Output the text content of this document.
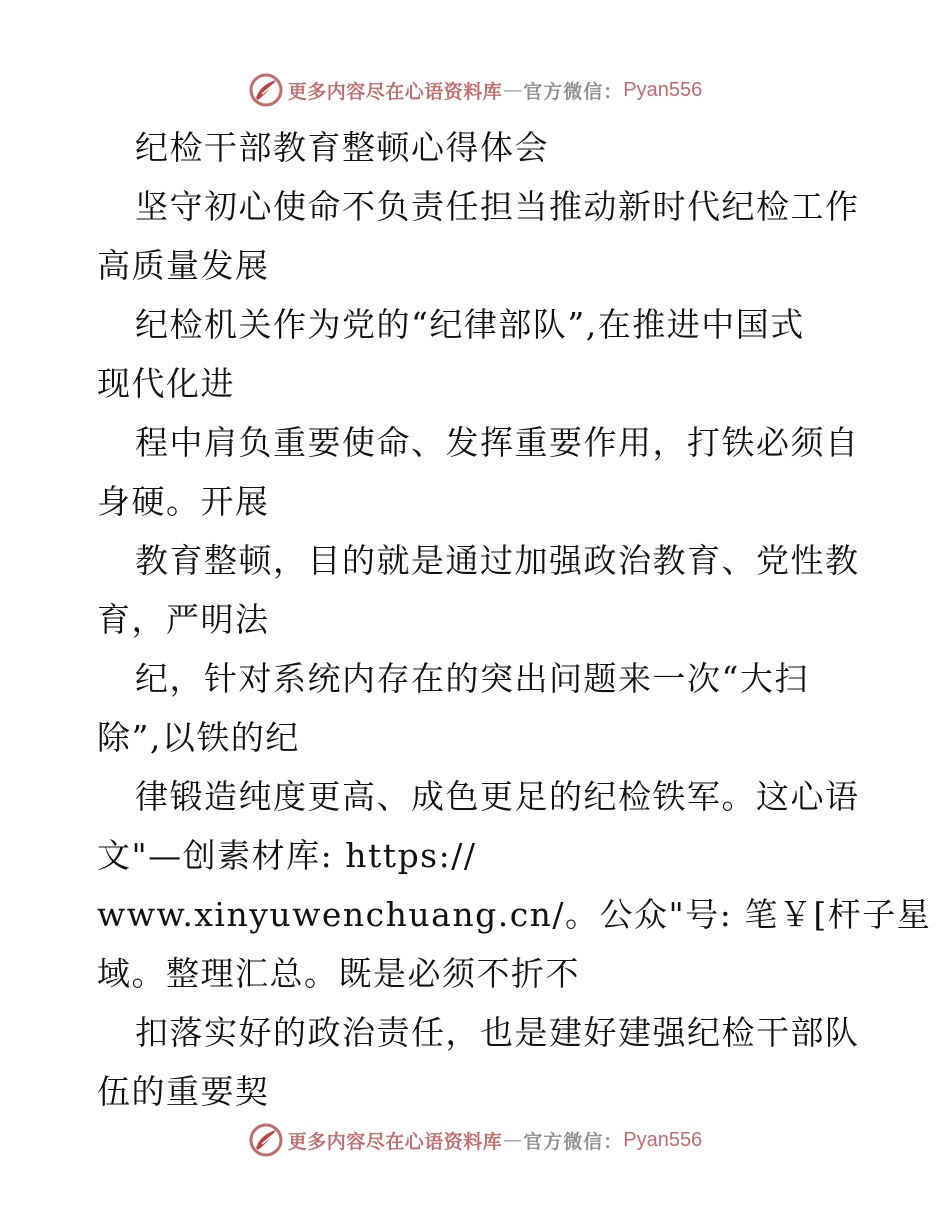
更多内容尽在心语资料库 — 官方微信： Pyan556
纪检干部教育整顿心得体会
坚守初心使命不负责任担当推动新时代纪检工作
高质量发展
纪检机关作为党的“纪律部队”,在推进中国式
现代化进
程中肩负重要使命、发挥重要作用，打铁必须自
身硬。开展
教育整顿，目的就是通过加强政治教育、党性教
育，严明法
纪，针对系统内存在的突出问题来一次“大扫
除”,以铁的纪
律锻造纯度更高、成色更足的纪检铁军。这心语
文"—创素材库: https://
www.xinyuwenchuang.cn/。公众"号: 笔￥[杆子星
域。整理汇总。既是必须不折不
扣落实好的政治责任，也是建好建强纪检干部队
伍的重要契
更多内容尽在心语资料库 — 官方微信： Pyan556
